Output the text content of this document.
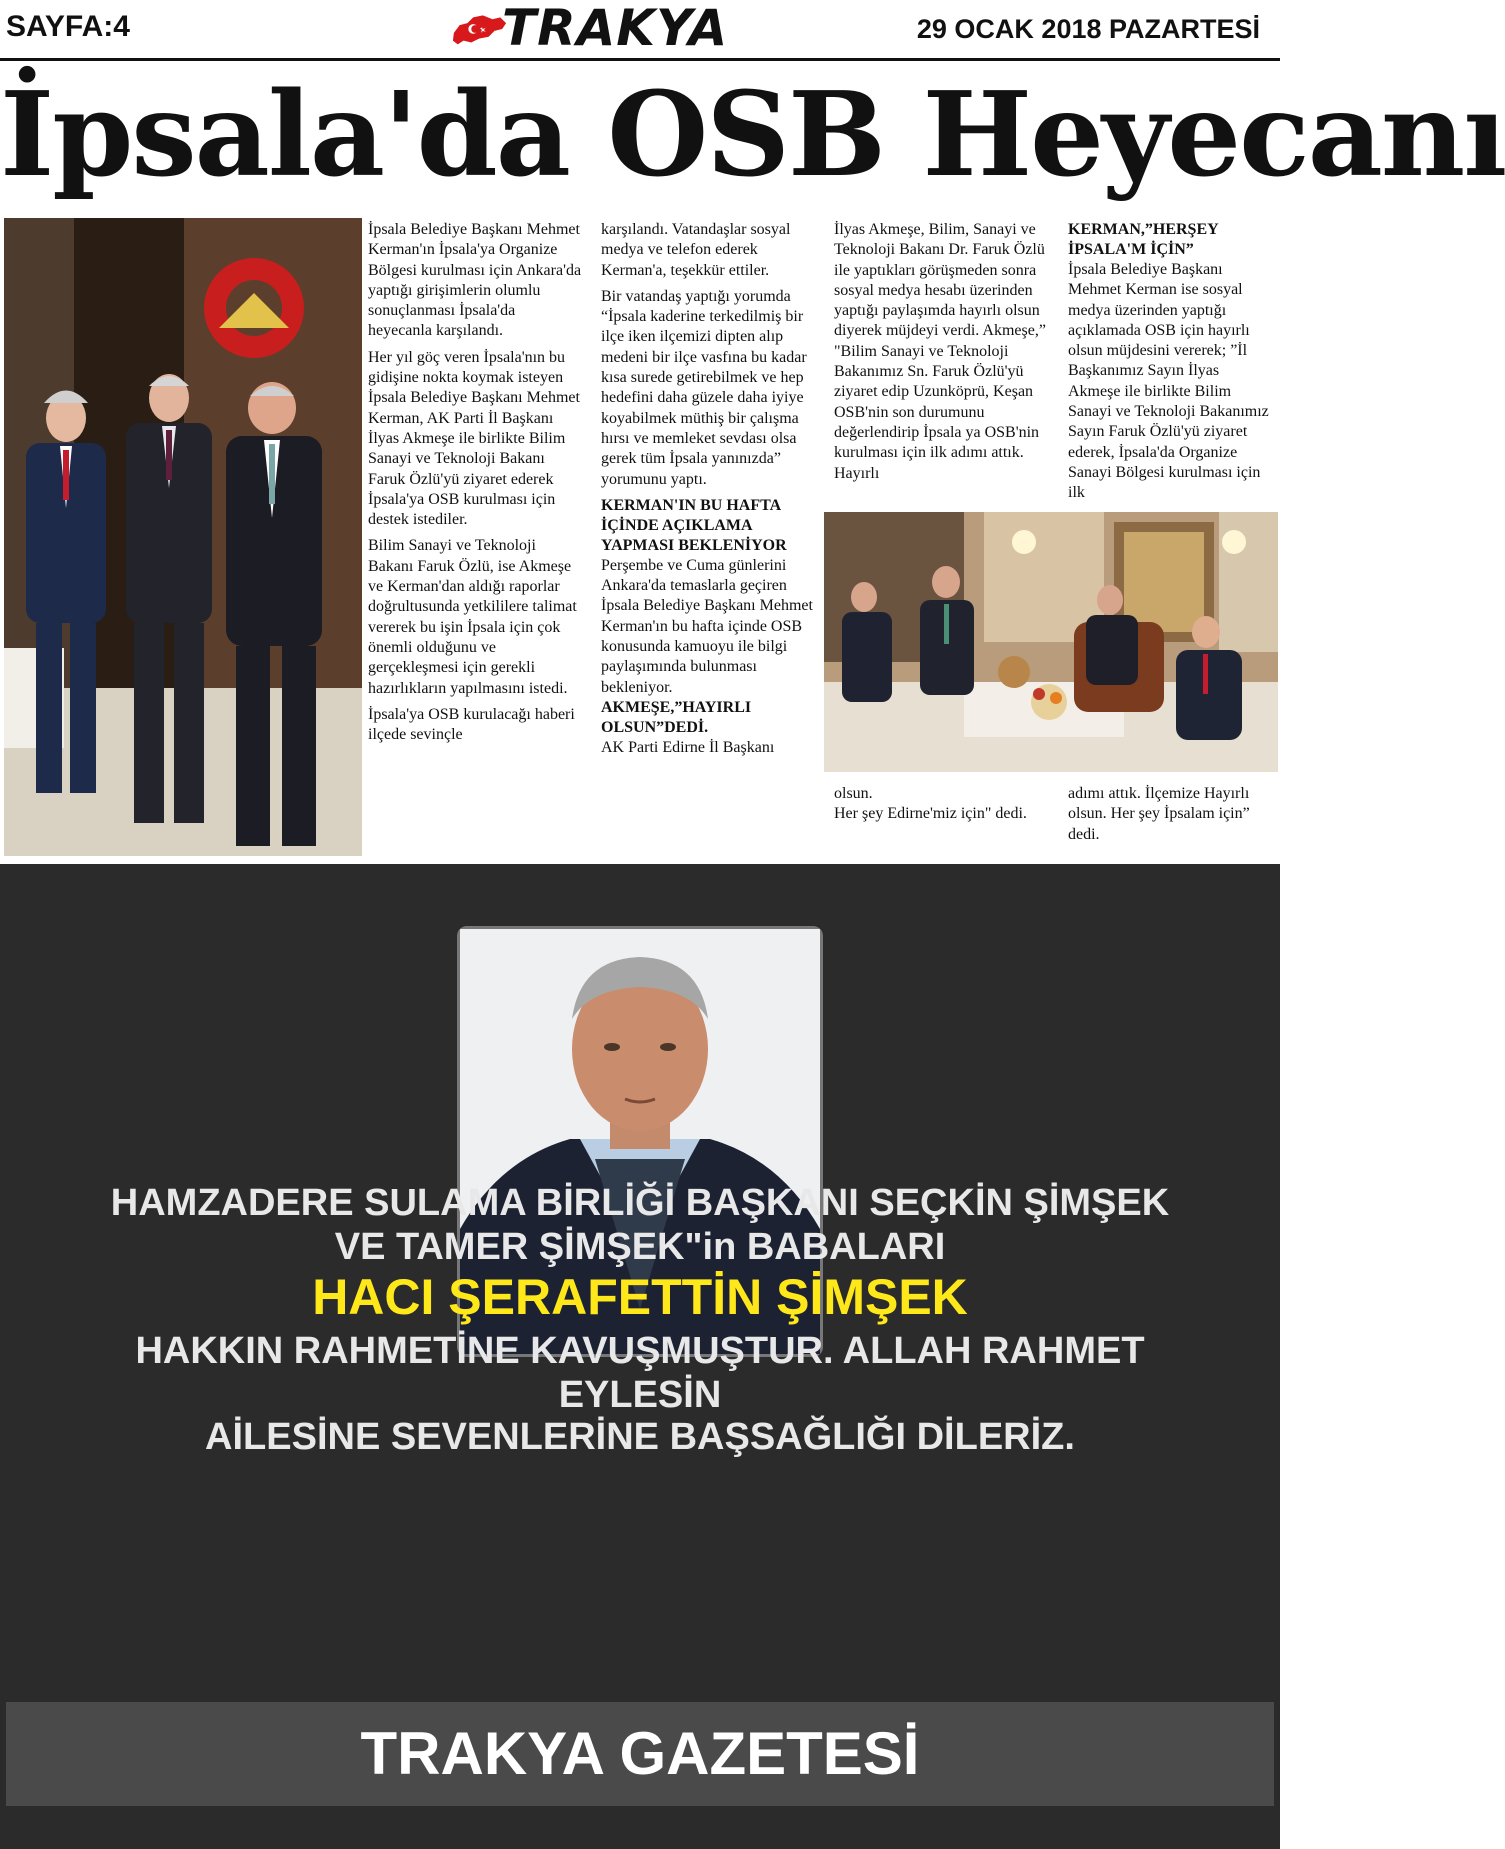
SAYFA:4	TRAKYA	29 OCAK 2018 PAZARTESİ
İpsala'da OSB Heyecanı

İpsala Belediye Başkanı Mehmet Kerman'ın İpsala'ya Organize Bölgesi kurulması için Ankara'da yaptığı girişimlerin olumlu sonuçlanması İpsala'da heyecanla karşılandı.

Her yıl göç veren İpsala'nın bu gidişine nokta koymak isteyen İpsala Belediye Başkanı Mehmet Kerman, AK Parti İl Başkanı İlyas Akmeşe ile birlikte Bilim Sanayi ve Teknoloji Bakanı Faruk Özlü'yü ziyaret ederek İpsala'ya OSB kurulması için destek istediler.

Bilim Sanayi ve Teknoloji Bakanı Faruk Özlü, ise Akmeşe ve Kerman'dan aldığı raporlar doğrultusunda yetkililere talimat vererek bu işin İpsala için çok önemli olduğunu ve gerçekleşmesi için gerekli hazırlıkların yapılmasını istedi.

İpsala'ya OSB kurulacağı haberi ilçede sevinçle

karşılandı. Vatandaşlar sosyal medya ve telefon ederek Kerman'a, teşekkür ettiler.

Bir vatandaş yaptığı yorumda “İpsala kaderine terkedilmiş bir ilçe iken ilçemizi dipten alıp medeni bir ilçe vasfına bu kadar kısa surede getirebilmek ve hep hedefini daha güzele daha iyiye koyabilmek müthiş bir çalışma hırsı ve memleket sevdası olsa gerek tüm İpsala yanınızda” yorumunu yaptı.

KERMAN'IN BU HAFTA İÇİNDE AÇIKLAMA YAPMASI BEKLENİYOR

Perşembe ve Cuma günlerini Ankara'da temaslarla geçiren İpsala Belediye Başkanı Mehmet Kerman'ın bu hafta içinde OSB konusunda kamuoyu ile bilgi paylaşımında bulunması bekleniyor.

AKMEŞE,”HAYIRLI OLSUN”DEDİ.

AK Parti Edirne İl Başkanı

İlyas Akmeşe, Bilim, Sanayi ve Teknoloji Bakanı Dr. Faruk Özlü ile yaptıkları görüşmeden sonra sosyal medya hesabı üzerinden yaptığı paylaşımda hayırlı olsun diyerek müjdeyi verdi. Akmeşe,” "Bilim Sanayi ve Teknoloji Bakanımız Sn. Faruk Özlü'yü ziyaret edip Uzunköprü, Keşan OSB'nin son durumunu değerlendirip İpsala ya OSB'nin kurulması için ilk adımı attık. Hayırlı

KERMAN,”HERŞEY İPSALA'M İÇİN”

İpsala Belediye Başkanı Mehmet Kerman ise sosyal medya üzerinden yaptığı açıklamada OSB için hayırlı olsun müjdesini vererek; ”İl Başkanımız Sayın İlyas Akmeşe ile birlikte Bilim Sanayi ve Teknoloji Bakanımız Sayın Faruk Özlü'yü ziyaret ederek, İpsala'da Organize Sanayi Bölgesi kurulması için ilk

olsun.
Her şey Edirne'miz için" dedi.
adımı attık. İlçemize Hayırlı olsun. Her şey İpsalam için” dedi.
HAMZADERE SULAMA BİRLİĞİ BAŞKANI SEÇKİN ŞİMŞEK
VE TAMER ŞİMŞEK"in BABALARI
HACI ŞERAFETTİN ŞİMŞEK
HAKKIN RAHMETİNE KAVUŞMUŞTUR. ALLAH RAHMET
EYLESİN
AİLESİNE SEVENLERİNE BAŞSAĞLIĞI DİLERİZ.
TRAKYA GAZETESİ
